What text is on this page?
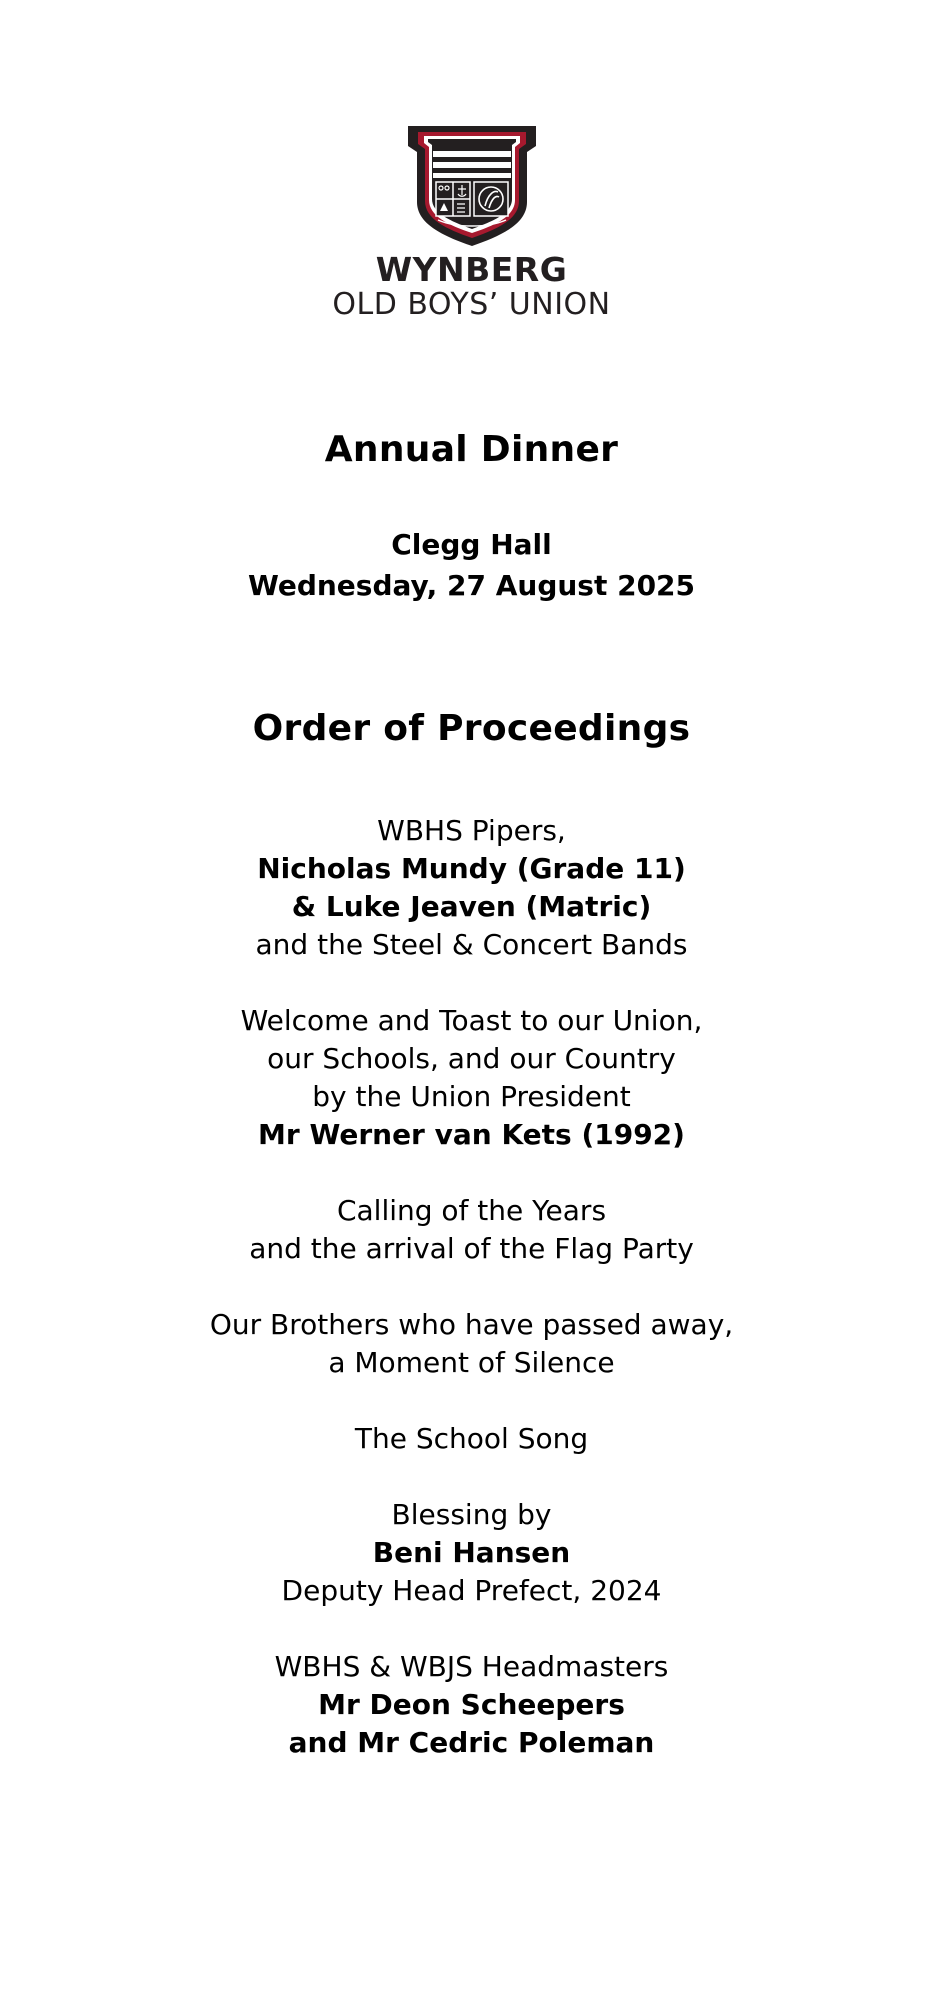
WYNBERG
OLD BOYS’ UNION
Annual Dinner
Clegg Hall
Wednesday, 27 August 2025
Order of Proceedings
WBHS Pipers,
Nicholas Mundy (Grade 11)
& Luke Jeaven (Matric)
and the Steel & Concert Bands
Welcome and Toast to our Union,
our Schools, and our Country
by the Union President
Mr Werner van Kets (1992)
Calling of the Years
and the arrival of the Flag Party
Our Brothers who have passed away,
a Moment of Silence
The School Song
Blessing by
Beni Hansen
Deputy Head Prefect, 2024
WBHS & WBJS Headmasters
Mr Deon Scheepers
and Mr Cedric Poleman
